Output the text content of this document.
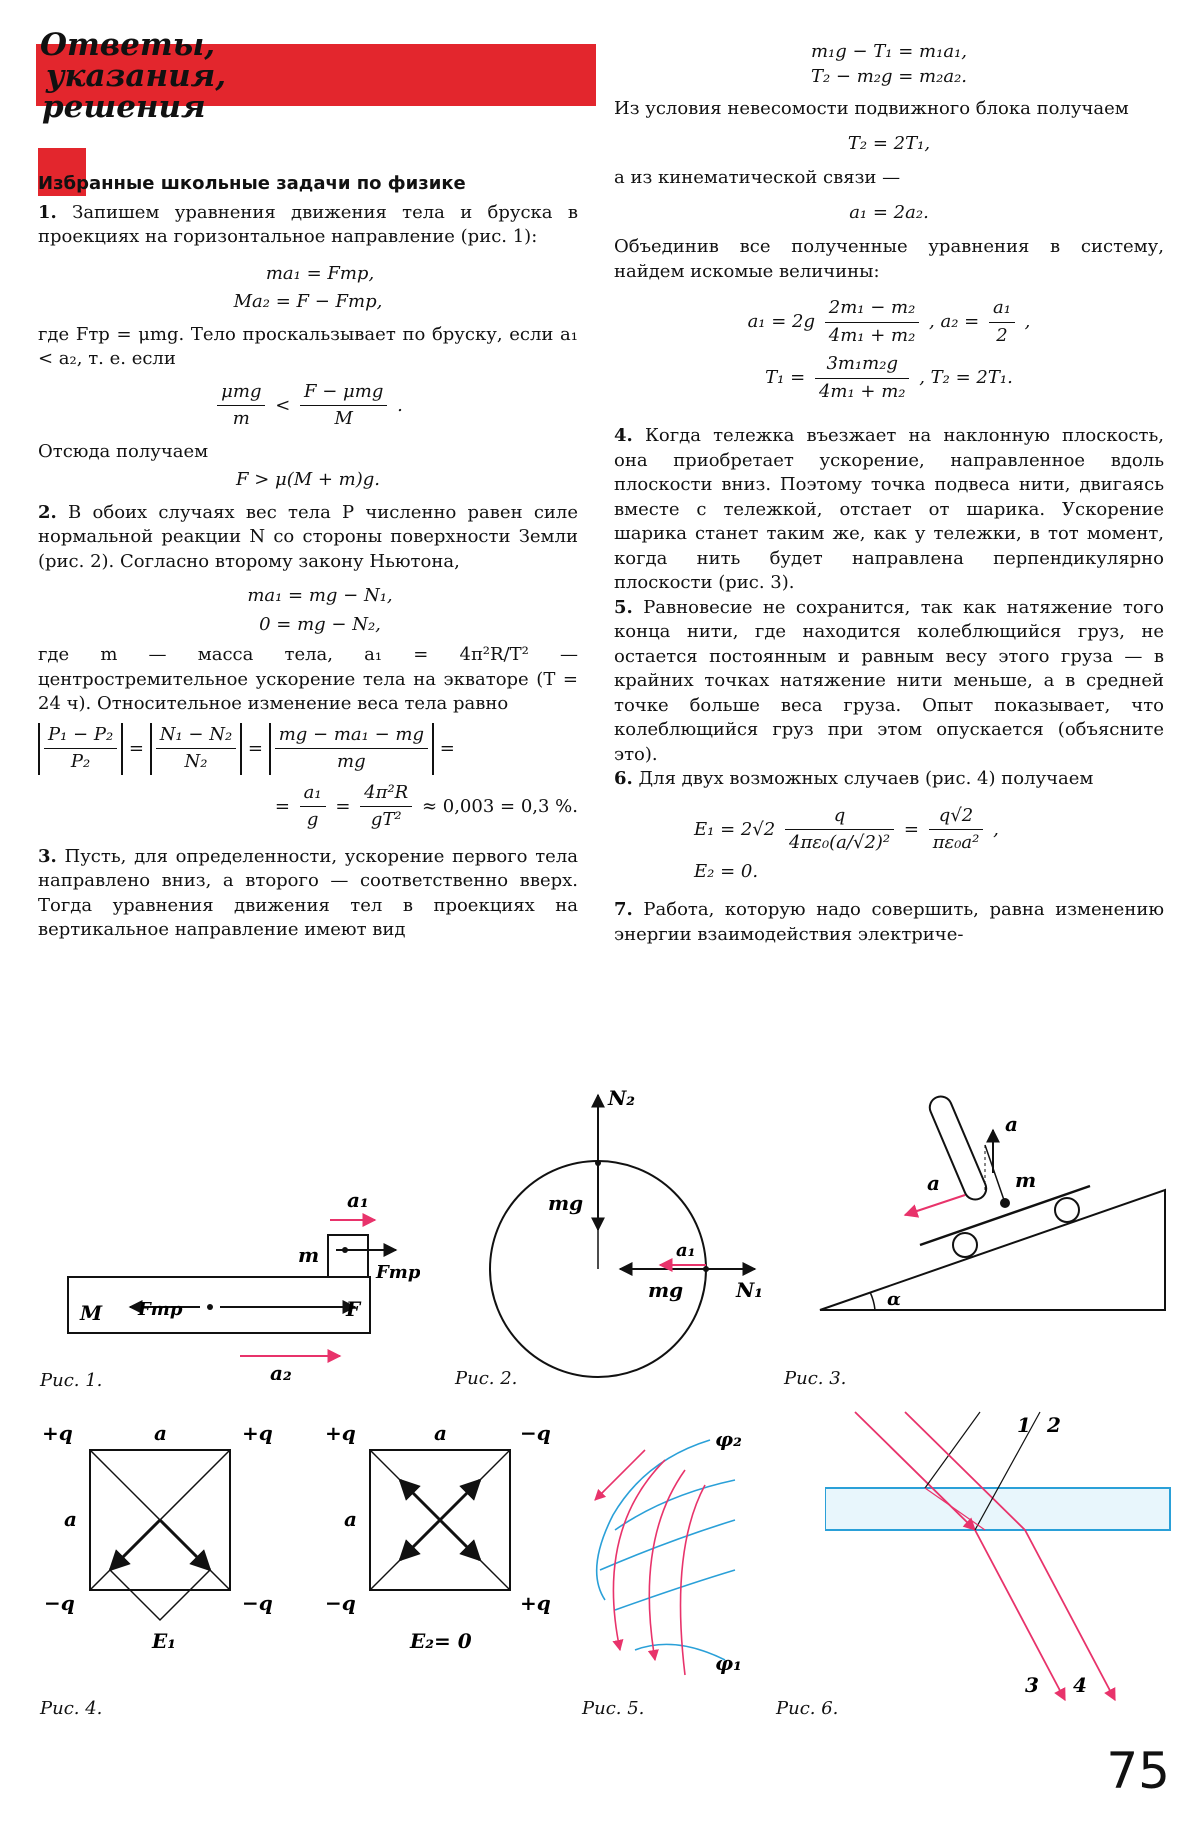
Ответы,
указания,
решения
Избранные школьные задачи по физике

1. Запишем уравнения движения тела и бруска в проекциях на горизонтальное направление (рис. 1):

ma₁ = Fтр,
Ma₂ = F − Fтр,

где Fтр = μmg. Тело проскальзывает по бруску, если a₁ < a₂, т. е. если

$\frac{\text{μmg}}{m} < \frac{\text{F − μmg}}{M}$ .

Отсюда получаем

F > μ(M + m)g.

2. В обоих случаях вес тела P численно равен силе нормальной реакции N со стороны поверхности Земли (рис. 2). Согласно второму закону Ньютона,

ma₁ = mg − N₁,
0 = mg − N₂,

где m — масса тела, a₁ = 4π²R/T² — центростремительное ускорение тела на экваторе (T = 24 ч). Относительное изменение веса тела равно

$\frac{\text{P₁ − P₂}}{\text{P₂}} = \frac{\text{N₁ − N₂}}{\text{N₂}} = \frac{\text{mg − ma₁ − mg}}{mg}$ =
= $\frac{\text{a₁}}{g} = \frac{\text{4π²R}}{\text{gT²}} \approx 0,003 = 0,3$ %.

3. Пусть, для определенности, ускорение первого тела направлено вниз, а второго — соответственно вверх. Тогда уравнения движения тел в проекциях на вертикальное направление имеют вид

m₁g − T₁ = m₁a₁,
T₂ − m₂g = m₂a₂.

Из условия невесомости подвижного блока получаем

T₂ = 2T₁,

а из кинематической связи —

a₁ = 2a₂.

Объединив все полученные уравнения в систему, найдем искомые величины:

$a_1 = 2g \frac{\text{2m₁ − m₂}}{\text{4m₁ + m₂}}$ , $a_2 = \frac{\text{a₁}}{2}$ ,
$T_1 = \frac{\text{3m₁m₂g}}{\text{4m₁ + m₂}}$ , T₂ = 2T₁.

4. Когда тележка въезжает на наклонную плоскость, она приобретает ускорение, направленное вдоль плоскости вниз. Поэтому точка подвеса нити, двигаясь вместе с тележкой, отстает от шарика. Ускорение шарика станет таким же, как у тележки, в тот момент, когда нить будет направлена перпендикулярно плоскости (рис. 3).

5. Равновесие не сохранится, так как натяжение того конца нити, где находится колеблющийся груз, не остается постоянным и равным весу этого груза — в крайних точках натяжение нити меньше, а в средней точке больше веса груза. Опыт показывает, что колеблющийся груз при этом опускается (объясните это).

6. Для двух возможных случаев (рис. 4) получаем

$E_1 = 2√2 \frac{q}{\text{4πε₀(a/√2)²}} = \frac{q√2}{\text{πε₀a²}}$ ,
E₂ = 0.

7. Работа, которую надо совершить, равна изменению энергии взаимодействия электриче-

a₁
m
M Fтр	F
Fтр
a₂
Рис. 1.
N₂
mg
a₁
mg	N₁
Рис. 2.
a
m
a
α
Рис. 3.
+q	+q
−q	−q
a
a
E₁
+q	−q
−q	+q
a
a
E₂= 0
Рис. 4.
φ₂
φ₁
Рис. 5.
1 2
3 4
Рис. 6.
75
